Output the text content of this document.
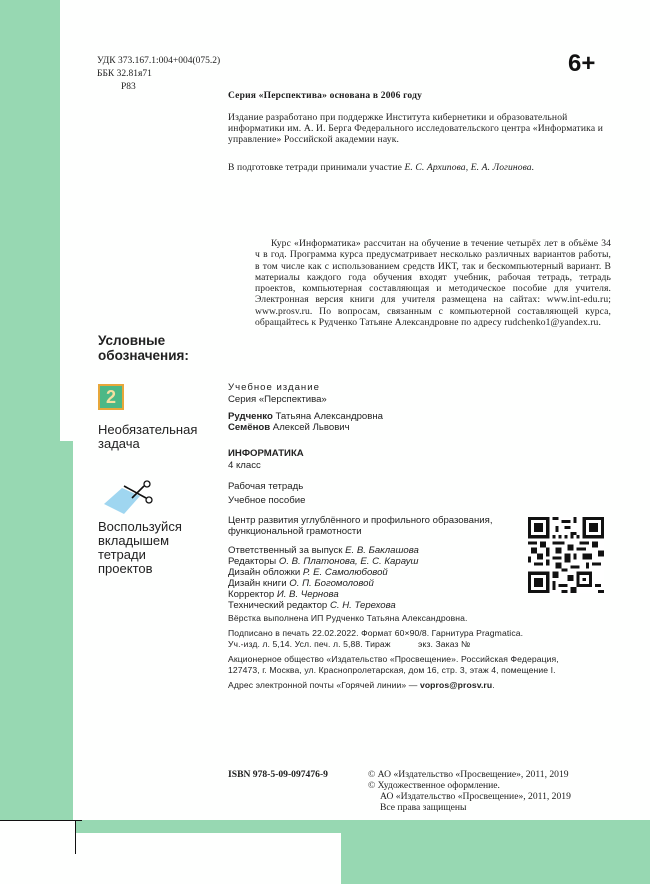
УДК 373.167.1:004+004(075.2)
ББК 32.81я71
Р83
6+
Серия «Перспектива» основана в 2006 году
Издание разработано при поддержке Института кибернетики и образовательной информатики им. А. И. Берга Федерального исследовательского центра «Информатика и управление» Российской академии наук.
В подготовке тетради принимали участие Е. С. Архипова, Е. А. Логинова.

Курс «Информатика» рассчитан на обучение в течение четырёх лет в объёме 34 ч в год. Программа курса предусматривает несколько различных вариантов работы, в том числе как с использованием средств ИКТ, так и бескомпьютерный вариант. В материалы каждого года обучения входят учебник, рабочая тетрадь, тетрадь проектов, компьютерная составляющая и методическое пособие для учителя. Электронная версия книги для учителя размещена на сайтах: www.int-edu.ru; www.prosv.ru. По вопросам, связанным с компьютерной составляющей курса, обращайтесь к Рудченко Татьяне Александровне по адресу rudchenko1@yandex.ru.

Условные
обозначения:
2
Необязательная
задача
Воспользуйся
вкладышем
тетради
проектов
Учебное издание
Серия «Перспектива»
Рудченко Татьяна Александровна
Семёнов Алексей Львович
ИНФОРМАТИКА
4 класс
Рабочая тетрадь
Учебное пособие
Центр развития углублённого и профильного образования,
функциональной грамотности
Ответственный за выпуск Е. В. Баклашова
Редакторы О. В. Платонова, Е. С. Карауш
Дизайн обложки Р. Е. Самолюбовой
Дизайн книги О. П. Богомоловой
Корректор И. В. Чернова
Технический редактор С. Н. Терехова

Вёрстка выполнена ИП Рудченко Татьяна Александровна.

Подписано в печать 22.02.2022. Формат 60×90/8. Гарнитура Pragmatica.
Уч.-изд. л. 5,14. Усл. печ. л. 5,88. Тираж           экз. Заказ №

Акционерное общество «Издательство «Просвещение». Российская Федерация,
127473, г. Москва, ул. Краснопролетарская, дом 16, стр. 3, этаж 4, помещение I.

Адрес электронной почты «Горячей линии» — vopros@prosv.ru.

ISBN 978-5-09-097476-9	© АО «Издательство «Просвещение», 2011, 2019
© Художественное оформление.
АО «Издательство «Просвещение», 2011, 2019
Все права защищены
